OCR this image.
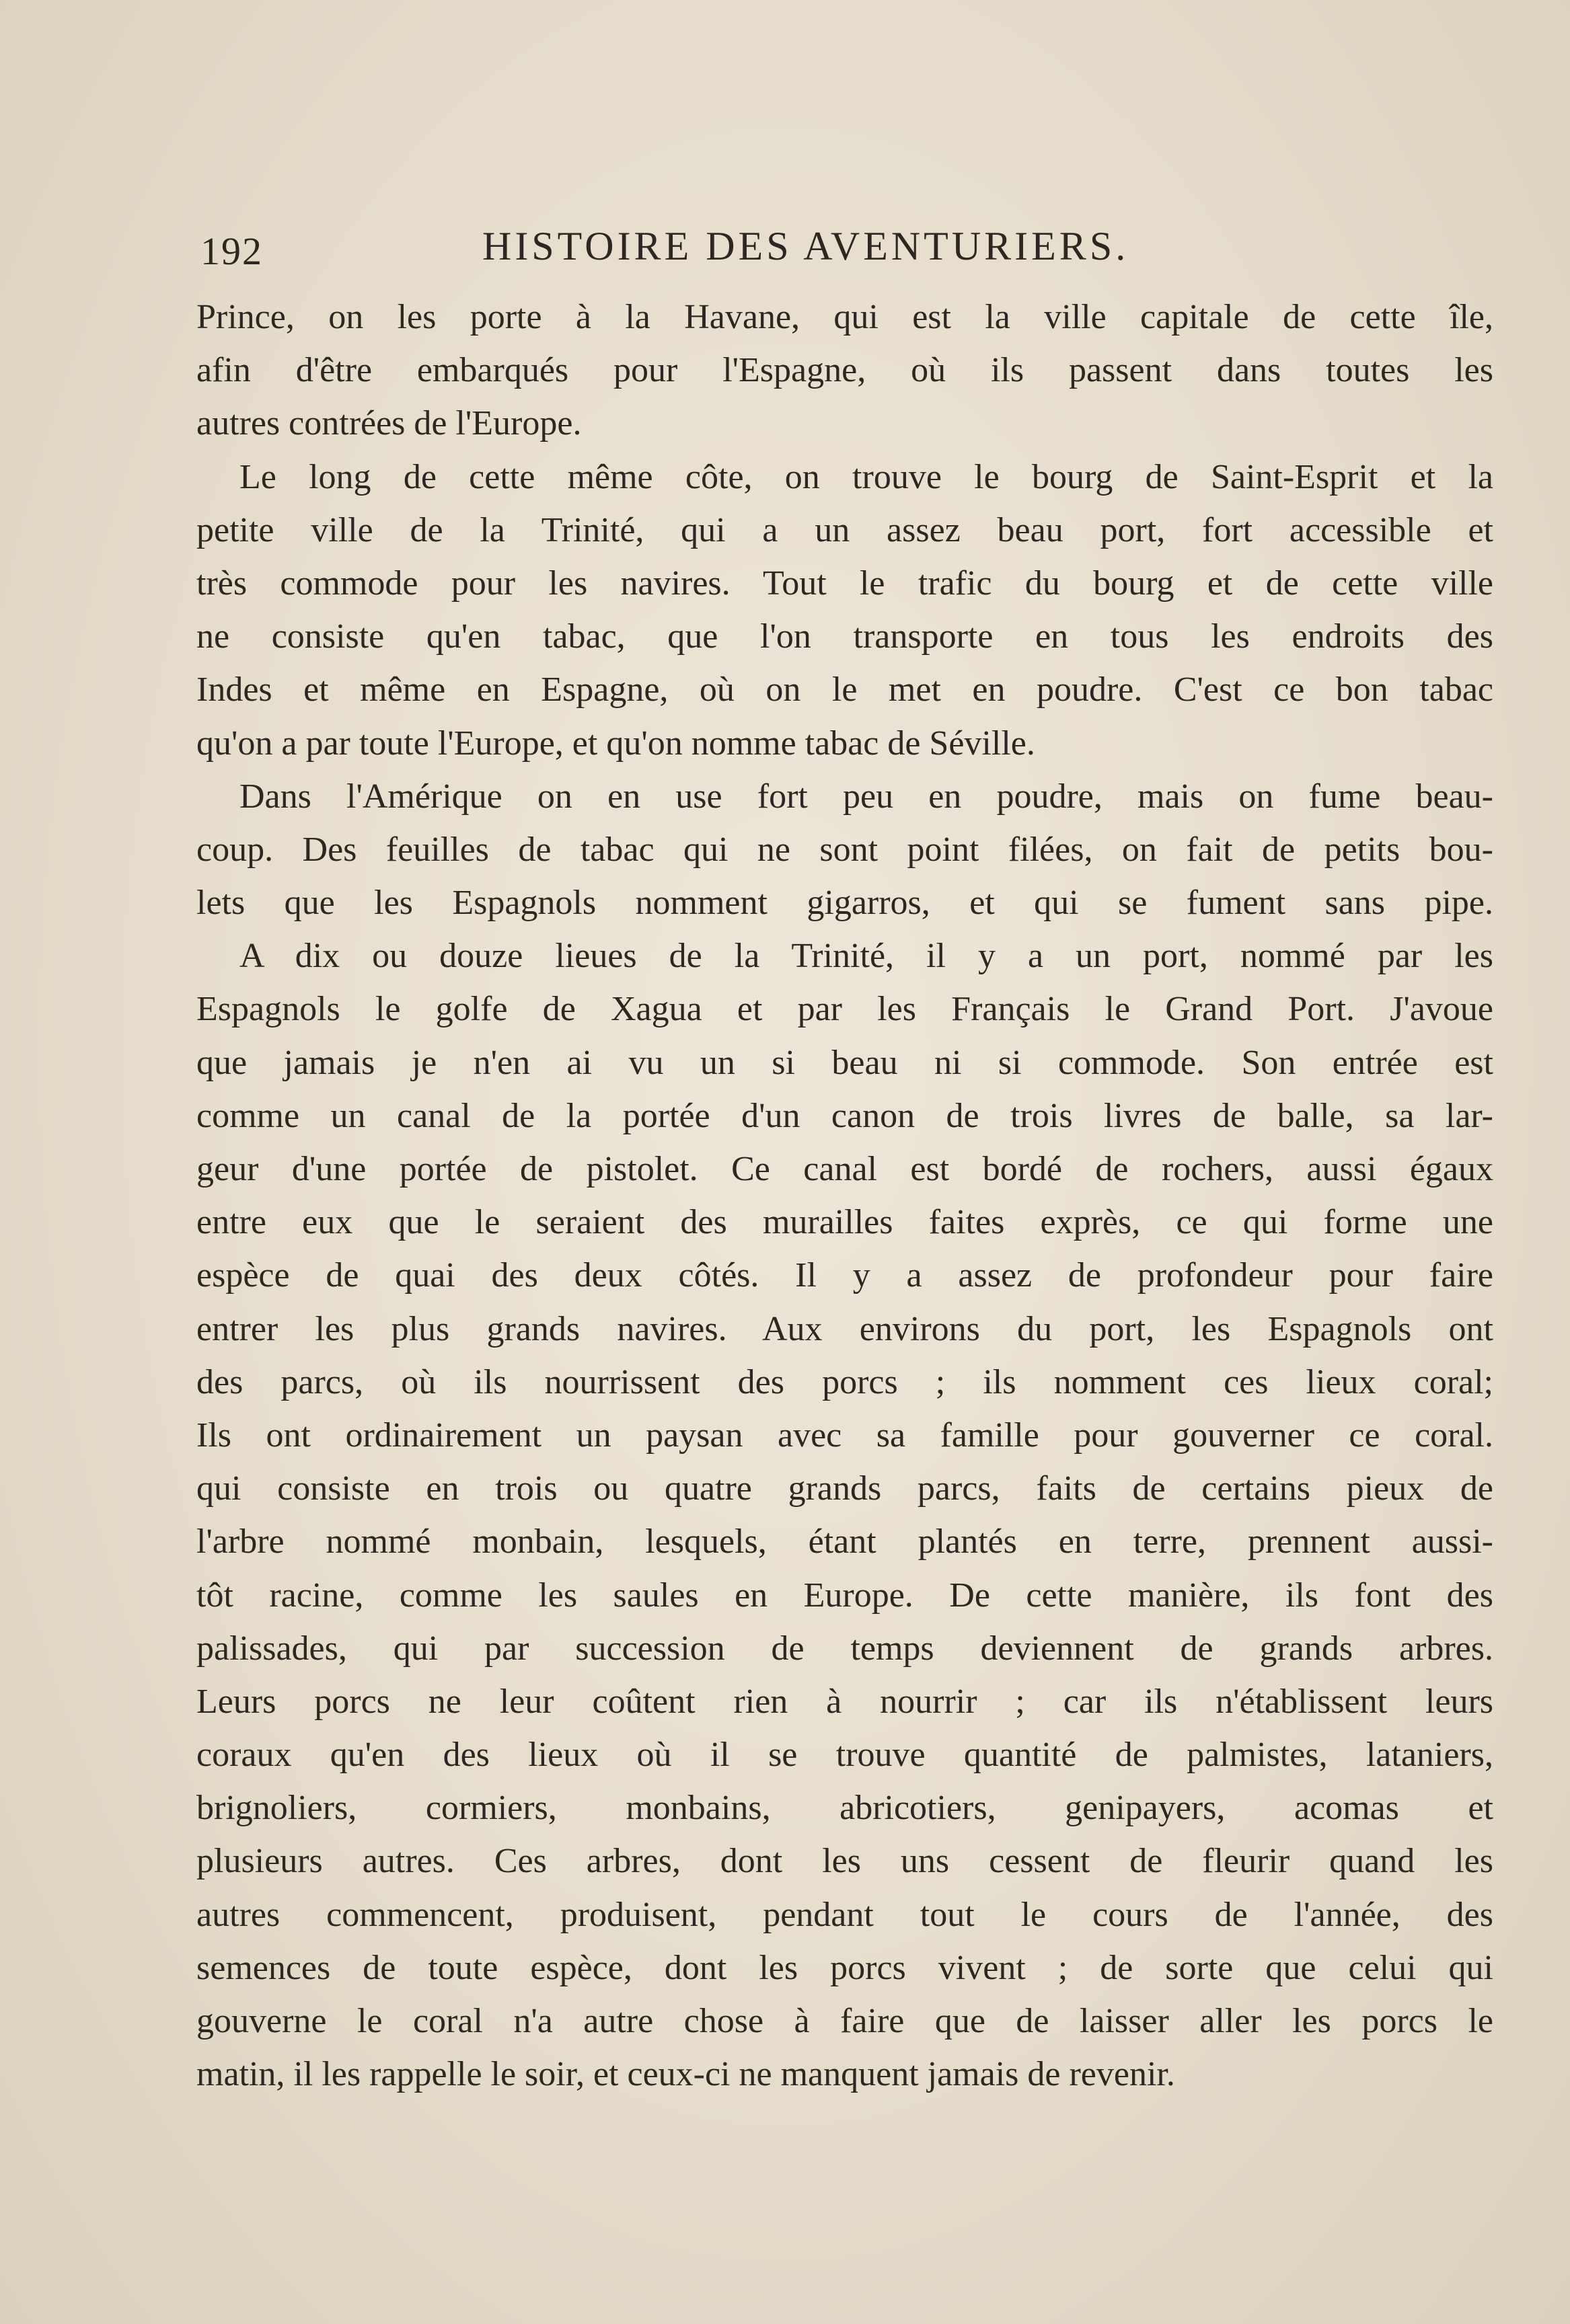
192	HISTOIRE DES AVENTURIERS.
Prince, on les porte à la Havane, qui est la ville capitale de cette île,
afin d'être embarqués pour l'Espagne, où ils passent dans toutes les
autres contrées de l'Europe.
Le long de cette même côte, on trouve le bourg de Saint-Esprit et la
petite ville de la Trinité, qui a un assez beau port, fort accessible et
très commode pour les navires. Tout le trafic du bourg et de cette ville
ne consiste qu'en tabac, que l'on transporte en tous les endroits des
Indes et même en Espagne, où on le met en poudre. C'est ce bon tabac
qu'on a par toute l'Europe, et qu'on nomme tabac de Séville.
Dans l'Amérique on en use fort peu en poudre, mais on fume beau-
coup. Des feuilles de tabac qui ne sont point filées, on fait de petits bou-
lets que les Espagnols nomment gigarros, et qui se fument sans pipe.
A dix ou douze lieues de la Trinité, il y a un port, nommé par les
Espagnols le golfe de Xagua et par les Français le Grand Port. J'avoue
que jamais je n'en ai vu un si beau ni si commode. Son entrée est
comme un canal de la portée d'un canon de trois livres de balle, sa lar-
geur d'une portée de pistolet. Ce canal est bordé de rochers, aussi égaux
entre eux que le seraient des murailles faites exprès, ce qui forme une
espèce de quai des deux côtés. Il y a assez de profondeur pour faire
entrer les plus grands navires. Aux environs du port, les Espagnols ont
des parcs, où ils nourrissent des porcs ; ils nomment ces lieux coral;
Ils ont ordinairement un paysan avec sa famille pour gouverner ce coral.
qui consiste en trois ou quatre grands parcs, faits de certains pieux de
l'arbre nommé monbain, lesquels, étant plantés en terre, prennent aussi-
tôt racine, comme les saules en Europe. De cette manière, ils font des
palissades, qui par succession de temps deviennent de grands arbres.
Leurs porcs ne leur coûtent rien à nourrir ; car ils n'établissent leurs
coraux qu'en des lieux où il se trouve quantité de palmistes, lataniers,
brignoliers, cormiers, monbains, abricotiers, genipayers, acomas et
plusieurs autres. Ces arbres, dont les uns cessent de fleurir quand les
autres commencent, produisent, pendant tout le cours de l'année, des
semences de toute espèce, dont les porcs vivent ; de sorte que celui qui
gouverne le coral n'a autre chose à faire que de laisser aller les porcs le
matin, il les rappelle le soir, et ceux-ci ne manquent jamais de revenir.
